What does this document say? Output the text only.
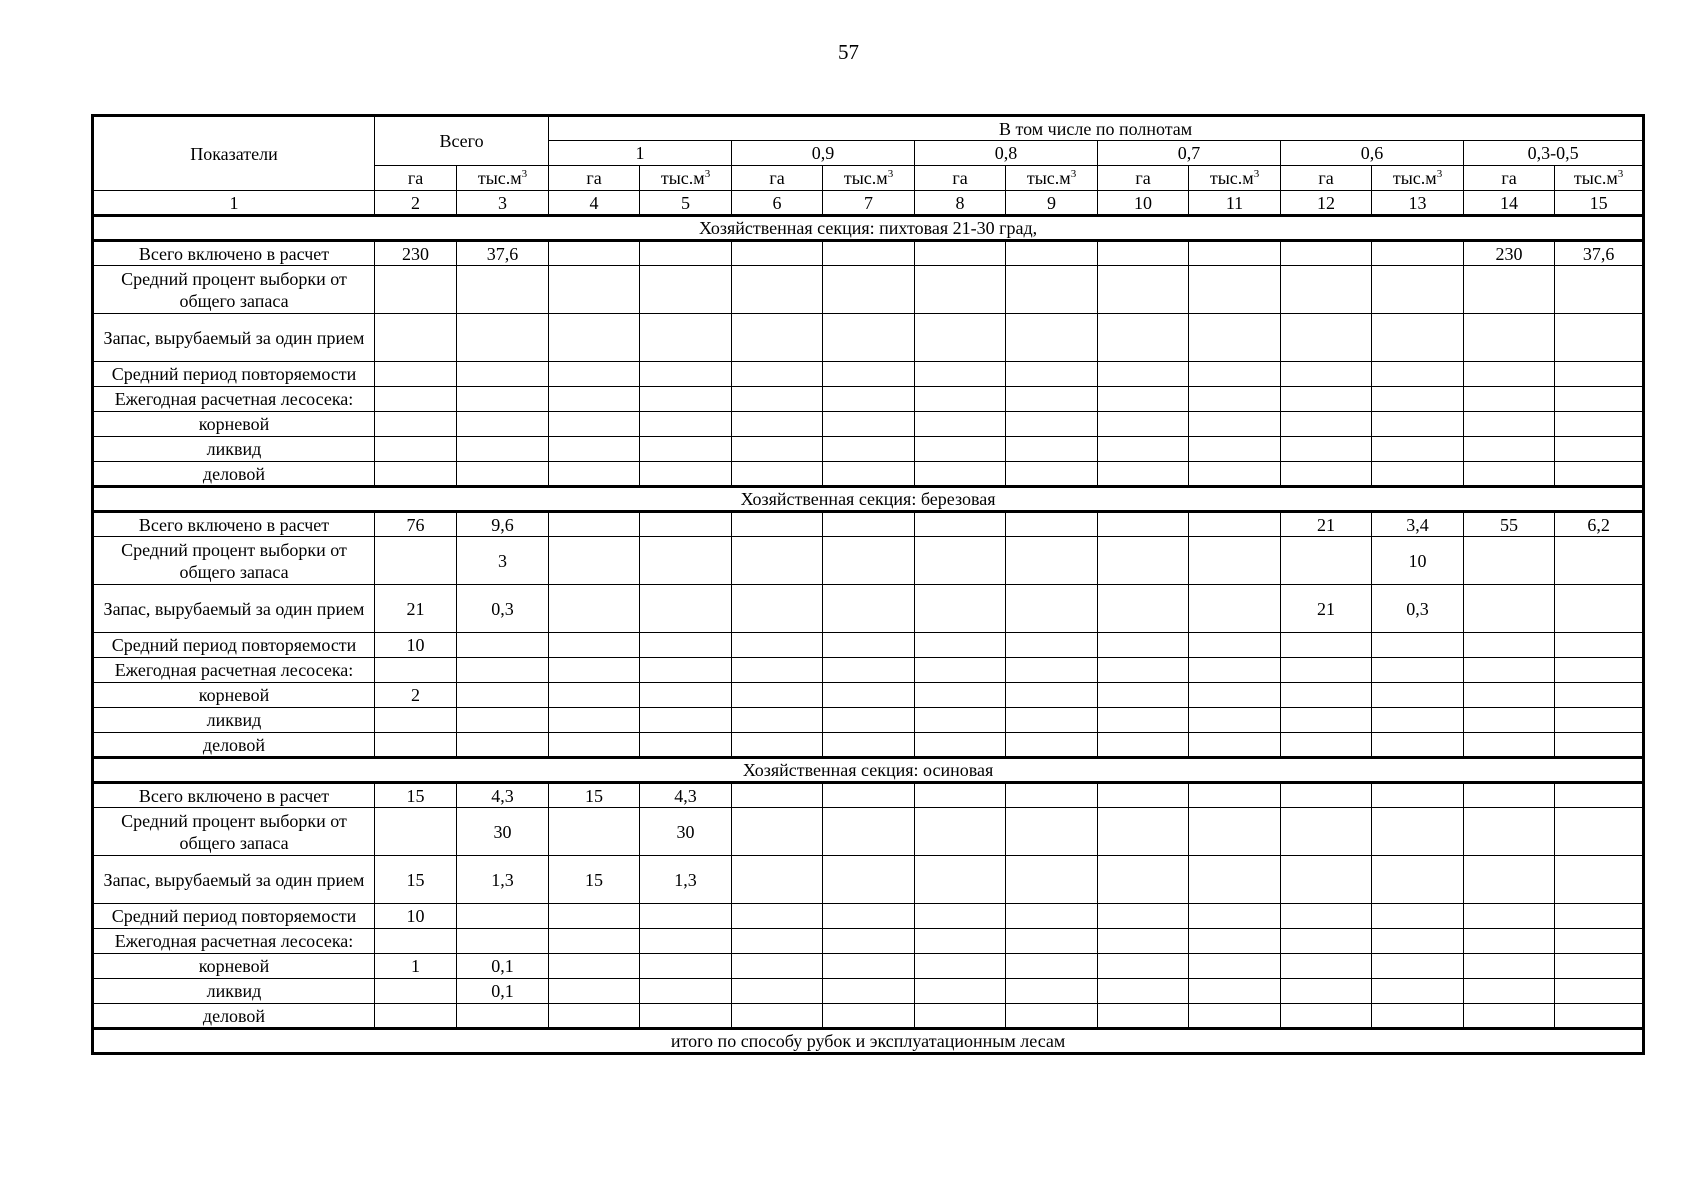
57
Показатели	Всего		В том числе по полнотам											
			1		0,9		0,8		0,7		0,6		0,3-0,5	
	га	$тыс.м^3$	га	$тыс.м^3$	га	$тыс.м^3$	га	$тыс.м^3$	га	$тыс.м^3$	га	$тыс.м^3$	га	$тыс.м^3$
1	2	3	4	5	6	7	8	9	10	11	12	13	14	15
Хозяйственная секция: пихтовая 21-30 град,														
Всего включено в расчет	230	37,6											230	37,6
Средний процент выборки от общего запаса														
Запас, вырубаемый за один прием														
Средний период повторяемости														
Ежегодная расчетная лесосека:														
корневой														
ликвид														
деловой														
Хозяйственная секция: березовая														
Всего включено в расчет	76	9,6									21	3,4	55	6,2
Средний процент выборки от общего запаса		3										10		
Запас, вырубаемый за один прием	21	0,3									21	0,3		
Средний период повторяемости	10													
Ежегодная расчетная лесосека:														
корневой	2													
ликвид														
деловой														
Хозяйственная секция: осиновая														
Всего включено в расчет	15	4,3	15	4,3										
Средний процент выборки от общего запаса		30		30										
Запас, вырубаемый за один прием	15	1,3	15	1,3										
Средний период повторяемости	10													
Ежегодная расчетная лесосека:														
корневой	1	0,1												
ликвид		0,1												
деловой														
итого по способу рубок и эксплуатационным лесам														
